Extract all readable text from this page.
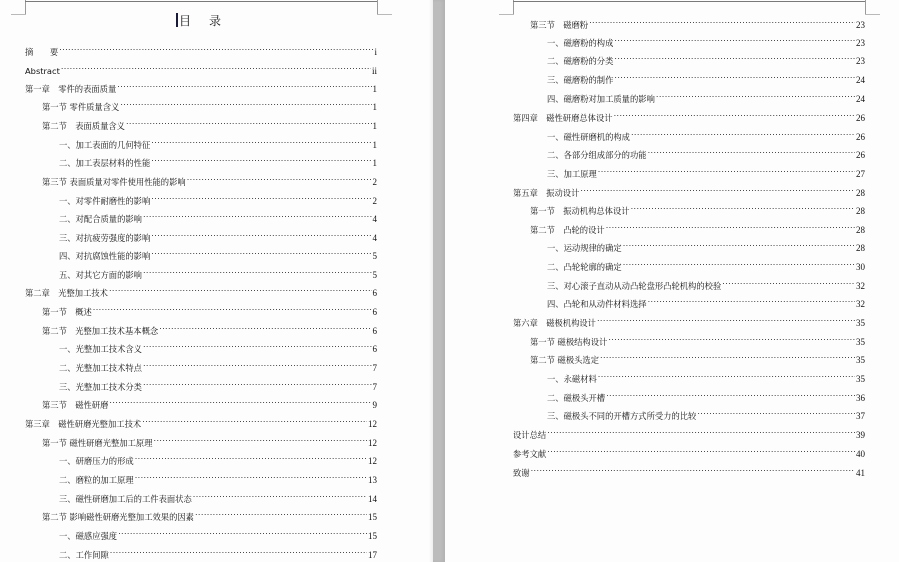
目 录
摘　　要 .....	i
Abstract .....	ii
第一章　零件的表面质量 .....	1
第一节 零件质量含义 .....	1
第二节　表面质量含义 .....	1
一、加工表面的几何特征 .....	1
二、加工表层材料的性能 .....	1
第三节 表面质量对零件使用性能的影响 .....	2
一、对零件耐磨性的影响 .....	2
二、对配合质量的影响 .....	4
三、对抗疲劳强度的影响 .....	4
四、对抗腐蚀性能的影响 .....	5
五、对其它方面的影响 .....	5
第二章　光整加工技术 .....	6
第一节　概述 .....	6
第二节　光整加工技术基本概念 .....	6
一、光整加工技术含义 .....	6
二、光整加工技术特点 .....	7
三、光整加工技术分类 .....	7
第三节　磁性研磨 .....	9
第三章　磁性研磨光整加工技术 .....	12
第一节 磁性研磨光整加工原理 .....	12
一、研磨压力的形成 .....	12
二、磨粒的加工原理 .....	13
三、磁性研磨加工后的工件表面状态 .....	14
第二节 影响磁性研磨光整加工效果的因素 .....	15
一、磁感应强度 .....	15
二、工作间隙 .....	17
第三节　磁磨粉 .....	23
一、磁磨粉的构成 .....	23
二、磁磨粉的分类 .....	23
三、磁磨粉的制作 .....	24
四、磁磨粉对加工质量的影响 .....	24
第四章　磁性研磨总体设计 .....	26
一、磁性研磨机的构成 .....	26
二、各部分组成部分的功能 .....	26
三、加工原理 .....	27
第五章　振动设计 .....	28
第一节　振动机构总体设计 .....	28
第二节　凸轮的设计 .....	28
一、运动规律的确定 .....	28
二、凸轮轮廓的确定 .....	30
三、对心滚子直动从动凸轮盘形凸轮机构的校验 .....	32
四、凸轮和从动件材料选择 .....	32
第六章　磁极机构设计 .....	35
第一节 磁极结构设计 .....	35
第二节 磁极头选定 .....	35
一、永磁材料 .....	35
二、磁极头开槽 .....	36
三、磁极头不同的开槽方式所受力的比较 .....	37
设计总结 .....	39
参考文献 .....	40
致谢 .....	41
